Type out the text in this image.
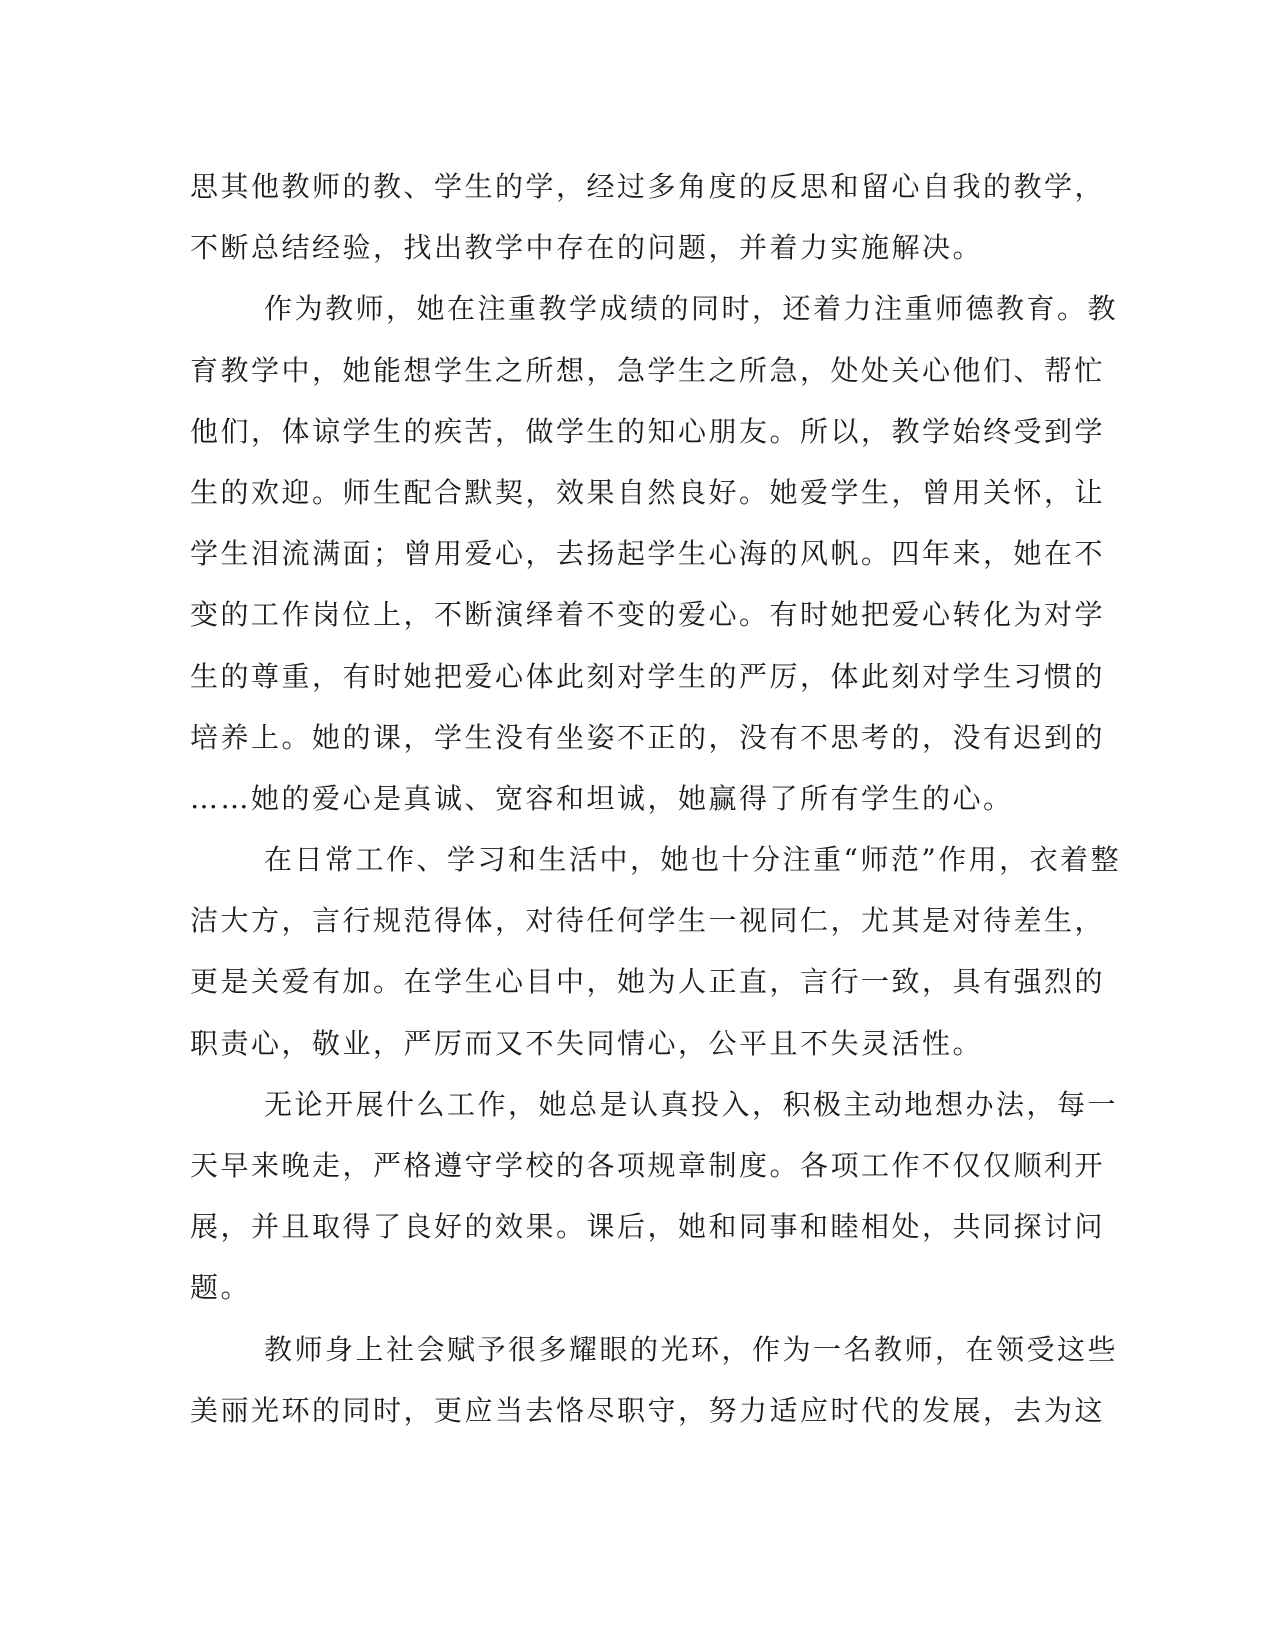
思其他教师的教、学生的学，经过多角度的反思和留心自我的教学，
不断总结经验，找出教学中存在的问题，并着力实施解决。
作为教师，她在注重教学成绩的同时，还着力注重师德教育。教
育教学中，她能想学生之所想，急学生之所急，处处关心他们、帮忙
他们，体谅学生的疾苦，做学生的知心朋友。所以，教学始终受到学
生的欢迎。师生配合默契，效果自然良好。她爱学生，曾用关怀，让
学生泪流满面；曾用爱心，去扬起学生心海的风帆。四年来，她在不
变的工作岗位上，不断演绎着不变的爱心。有时她把爱心转化为对学
生的尊重，有时她把爱心体此刻对学生的严厉，体此刻对学生习惯的
培养上。她的课，学生没有坐姿不正的，没有不思考的，没有迟到的
……她的爱心是真诚、宽容和坦诚，她赢得了所有学生的心。
在日常工作、学习和生活中，她也十分注重“师范”作用，衣着整
洁大方，言行规范得体，对待任何学生一视同仁，尤其是对待差生，
更是关爱有加。在学生心目中，她为人正直，言行一致，具有强烈的
职责心，敬业，严厉而又不失同情心，公平且不失灵活性。
无论开展什么工作，她总是认真投入，积极主动地想办法，每一
天早来晚走，严格遵守学校的各项规章制度。各项工作不仅仅顺利开
展，并且取得了良好的效果。课后，她和同事和睦相处，共同探讨问
题。
教师身上社会赋予很多耀眼的光环，作为一名教师，在领受这些
美丽光环的同时，更应当去恪尽职守，努力适应时代的发展，去为这
